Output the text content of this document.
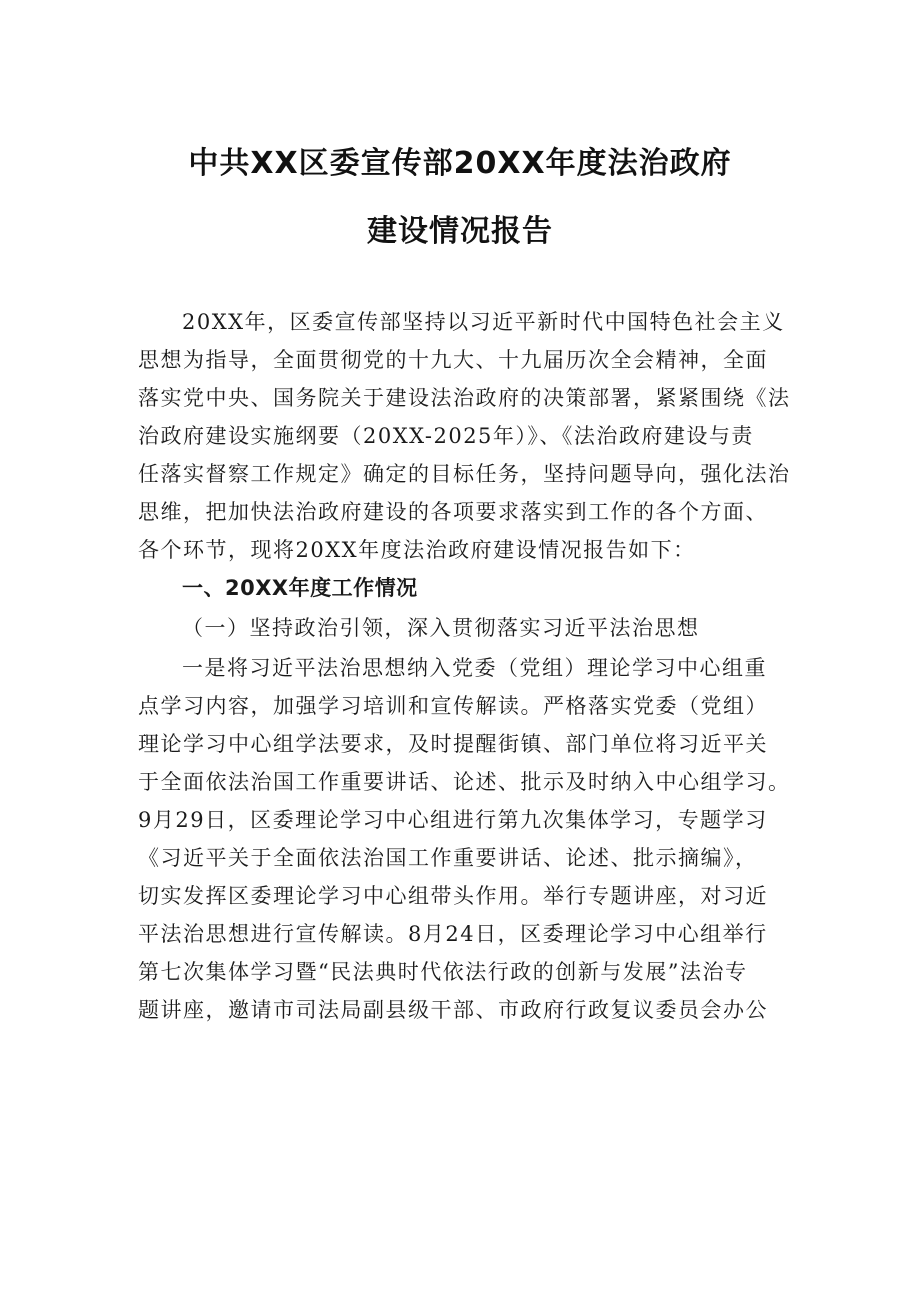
中共XX区委宣传部20XX年度法治政府
建设情况报告
20XX年，区委宣传部坚持以习近平新时代中国特色社会主义
思想为指导，全面贯彻党的十九大、十九届历次全会精神，全面
落实党中央、国务院关于建设法治政府的决策部署，紧紧围绕《法
治政府建设实施纲要（20XX-2025年）》、《法治政府建设与责
任落实督察工作规定》确定的目标任务，坚持问题导向，强化法治
思维，把加快法治政府建设的各项要求落实到工作的各个方面、
各个环节，现将20XX年度法治政府建设情况报告如下：
一、20XX年度工作情况
（一）坚持政治引领，深入贯彻落实习近平法治思想
一是将习近平法治思想纳入党委（党组）理论学习中心组重
点学习内容，加强学习培训和宣传解读。严格落实党委（党组）
理论学习中心组学法要求，及时提醒街镇、部门单位将习近平关
于全面依法治国工作重要讲话、论述、批示及时纳入中心组学习。
9月29日，区委理论学习中心组进行第九次集体学习，专题学习
《习近平关于全面依法治国工作重要讲话、论述、批示摘编》，
切实发挥区委理论学习中心组带头作用。举行专题讲座，对习近
平法治思想进行宣传解读。8月24日，区委理论学习中心组举行
第七次集体学习暨“民法典时代依法行政的创新与发展”法治专
题讲座，邀请市司法局副县级干部、市政府行政复议委员会办公
